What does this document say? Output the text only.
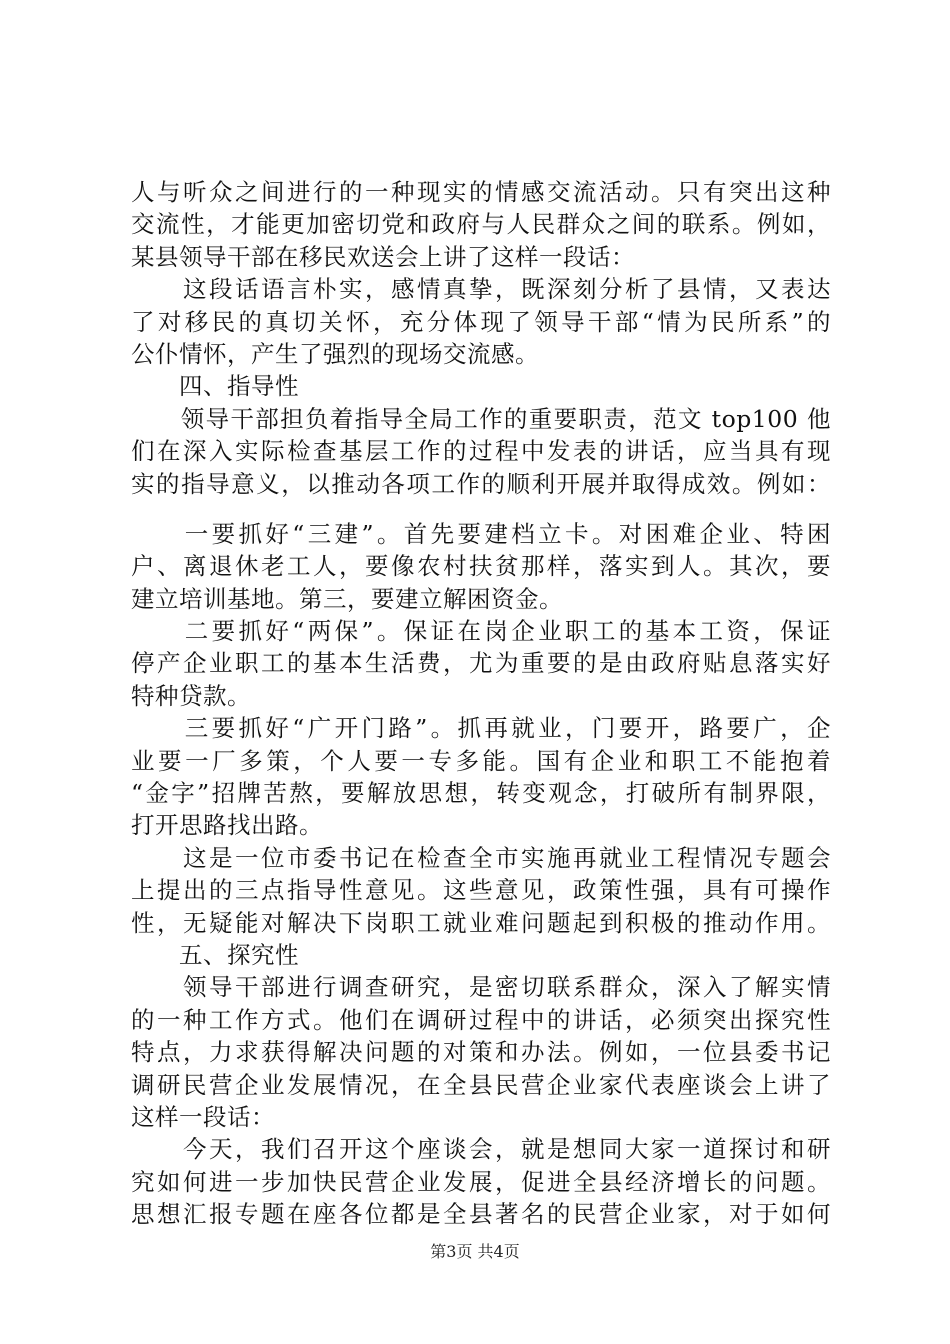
人与听众之间进行的一种现实的情感交流活动。只有突出这种
交流性，才能更加密切党和政府与人民群众之间的联系。例如，
某县领导干部在移民欢送会上讲了这样一段话：
　　这段话语言朴实，感情真挚，既深刻分析了县情，又表达
了对移民的真切关怀，充分体现了领导干部“情为民所系”的
公仆情怀，产生了强烈的现场交流感。
　　四、指导性
　　领导干部担负着指导全局工作的重要职责，范文 top100 他
们在深入实际检查基层工作的过程中发表的讲话，应当具有现
实的指导意义，以推动各项工作的顺利开展并取得成效。例如：
　　一要抓好“三建”。首先要建档立卡。对困难企业、特困
户、离退休老工人，要像农村扶贫那样，落实到人。其次，要
建立培训基地。第三，要建立解困资金。
　　二要抓好“两保”。保证在岗企业职工的基本工资，保证
停产企业职工的基本生活费，尤为重要的是由政府贴息落实好
特种贷款。
　　三要抓好“广开门路”。抓再就业，门要开，路要广，企
业要一厂多策，个人要一专多能。国有企业和职工不能抱着
“金字”招牌苦熬，要解放思想，转变观念，打破所有制界限，
打开思路找出路。
　　这是一位市委书记在检查全市实施再就业工程情况专题会
上提出的三点指导性意见。这些意见，政策性强，具有可操作
性，无疑能对解决下岗职工就业难问题起到积极的推动作用。
　　五、探究性
　　领导干部进行调查研究，是密切联系群众，深入了解实情
的一种工作方式。他们在调研过程中的讲话，必须突出探究性
特点，力求获得解决问题的对策和办法。例如，一位县委书记
调研民营企业发展情况，在全县民营企业家代表座谈会上讲了
这样一段话：
　　今天，我们召开这个座谈会，就是想同大家一道探讨和研
究如何进一步加快民营企业发展，促进全县经济增长的问题。
思想汇报专题在座各位都是全县著名的民营企业家，对于如何
第3页 共4页
